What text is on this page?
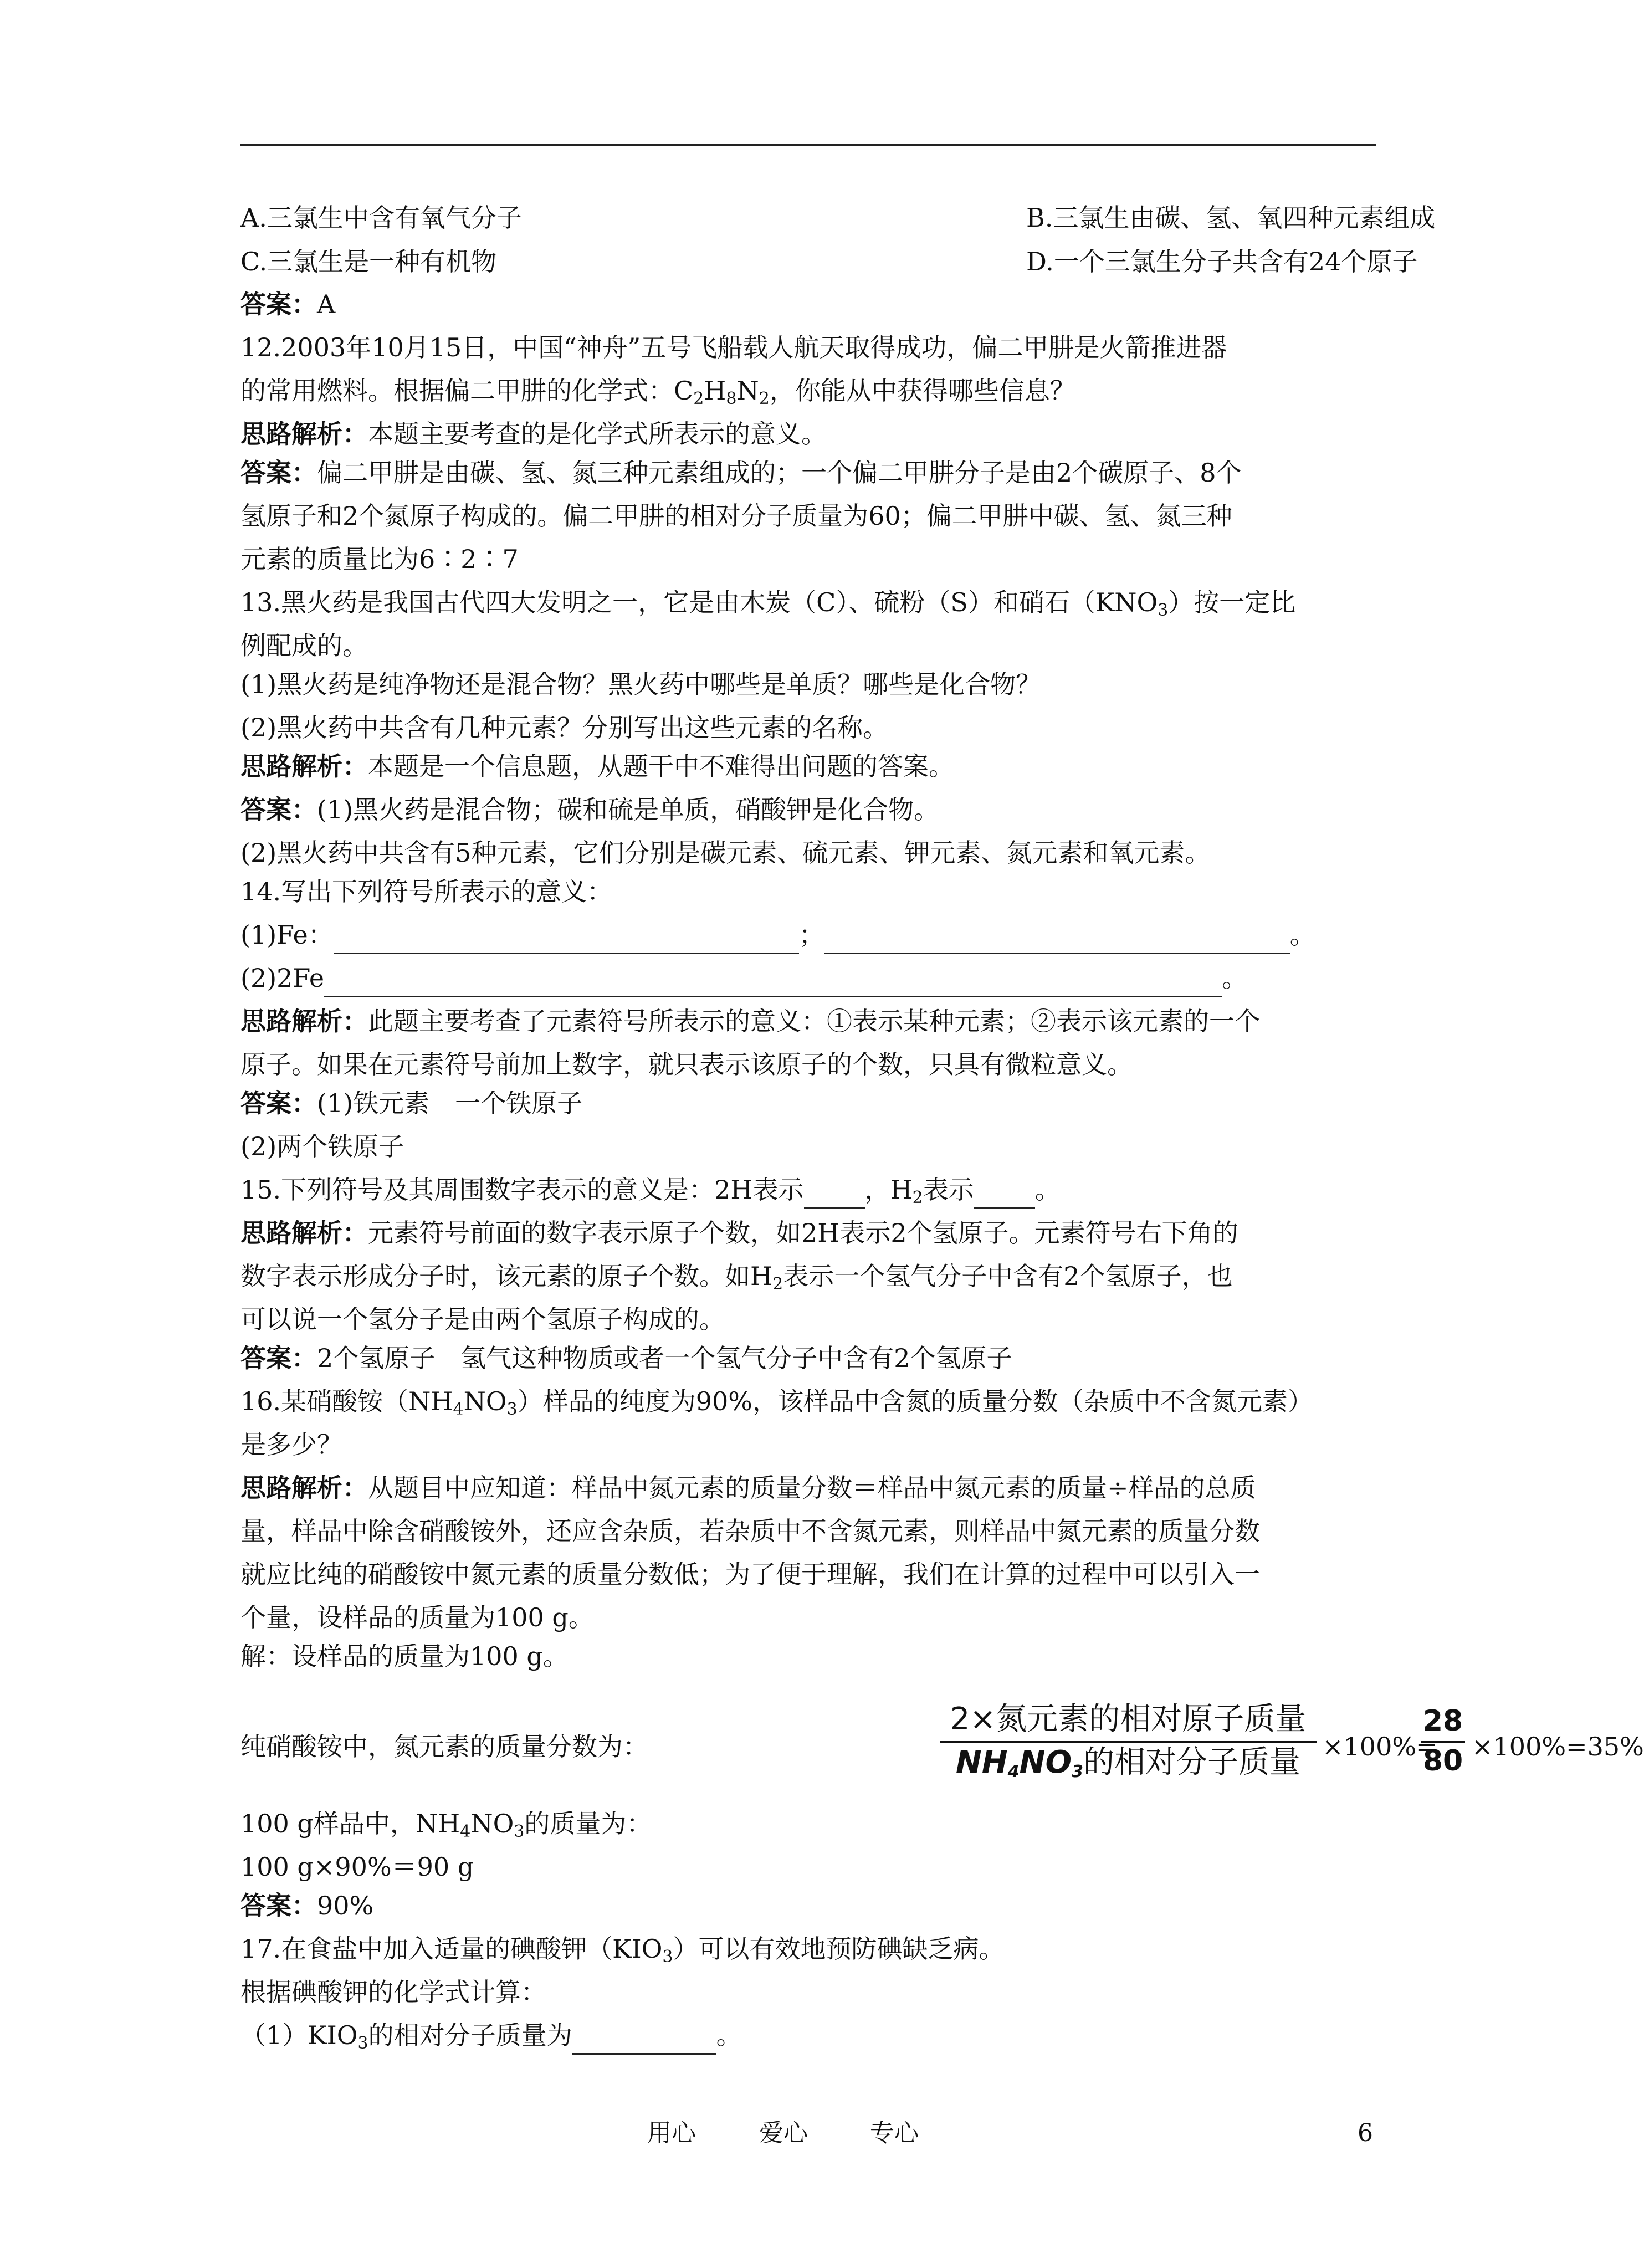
A.三氯生中含有氧气分子	B.三氯生由碳、氢、氧四种元素组成
C.三氯生是一种有机物	D.一个三氯生分子共含有24个原子
答案：A
12.2003年10月15日，中国“神舟”五号飞船载人航天取得成功，偏二甲肼是火箭推进器
的常用燃料。根据偏二甲肼的化学式：$C_2H_8N_2$，你能从中获得哪些信息？
思路解析：本题主要考查的是化学式所表示的意义。
答案：偏二甲肼是由碳、氢、氮三种元素组成的；一个偏二甲肼分子是由2个碳原子、8个
氢原子和2个氮原子构成的。偏二甲肼的相对分子质量为60；偏二甲肼中碳、氢、氮三种
元素的质量比为6∶2∶7
13.黑火药是我国古代四大发明之一，它是由木炭（C）、硫粉（S）和硝石$(KNO_3)$按一定比
例配成的。
(1)黑火药是纯净物还是混合物？黑火药中哪些是单质？哪些是化合物？
(2)黑火药中共含有几种元素？分别写出这些元素的名称。
思路解析：本题是一个信息题，从题干中不难得出问题的答案。
答案：(1)黑火药是混合物；碳和硫是单质，硝酸钾是化合物。
(2)黑火药中共含有5种元素，它们分别是碳元素、硫元素、钾元素、氮元素和氧元素。
14.写出下列符号所表示的意义：
(1)Fe：	；	。
(2)2Fe	。
思路解析：此题主要考查了元素符号所表示的意义：①表示某种元素；②表示该元素的一个
原子。如果在元素符号前加上数字，就只表示该原子的个数，只具有微粒意义。
答案：(1)铁元素　一个铁原子
(2)两个铁原子
15.下列符号及其周围数字表示的意义是：2H表示 ，$H_2$表示 。
思路解析：元素符号前面的数字表示原子个数，如2H表示2个氢原子。元素符号右下角的
数字表示形成分子时，该元素的原子个数。如$H_2$表示一个氢气分子中含有2个氢原子，也
可以说一个氢分子是由两个氢原子构成的。
答案：2个氢原子　氢气这种物质或者一个氢气分子中含有2个氢原子
16.某硝酸铵$(NH_4NO_3)$样品的纯度为90%，该样品中含氮的质量分数（杂质中不含氮元素）
是多少？
思路解析：从题目中应知道：样品中氮元素的质量分数＝样品中氮元素的质量÷样品的总质
量，样品中除含硝酸铵外，还应含杂质，若杂质中不含氮元素，则样品中氮元素的质量分数
就应比纯的硝酸铵中氮元素的质量分数低；为了便于理解，我们在计算的过程中可以引入一
个量，设样品的质量为100 g。
解：设样品的质量为100 g。
纯硝酸铵中，氮元素的质量分数为：
2×氮元素的相对原子质量
$NH_4NO_3$的相对分子质量 ×100%=
28
80 ×100%=35%
100 g样品中，$NH_4NO_3$的质量为：
100 g×90%＝90 g
答案：90%
17.在食盐中加入适量的碘酸钾$(KIO_3)$可以有效地预防碘缺乏病。
根据碘酸钾的化学式计算：
$(1)KIO_3$的相对分子质量为	。
用心	爱心	专心	6
